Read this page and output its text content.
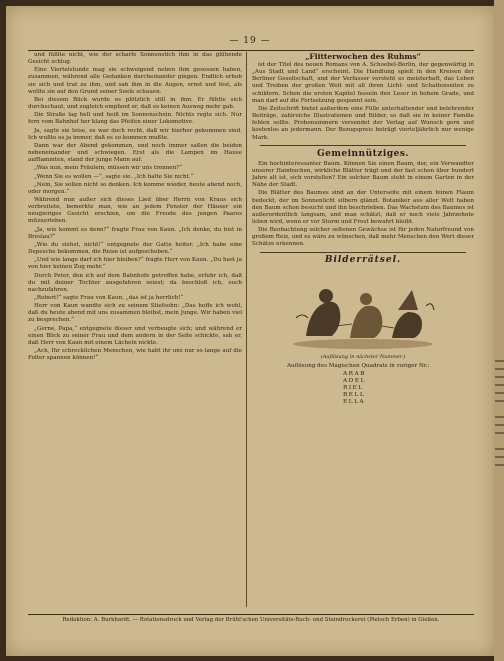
— 19 —

und füßlte nicht, wie der scharfe Sonnenstich ihm in das glühende Gesicht schlug.

Eine Viertelstunde mag sie schweigend neben ihm gesessen haben, zusammen, während alle Gedanken durcheinander gingen. Endlich erhob sie sich und trat zu ihm, und sah ihm in die Augen, ernst und fest, als wollte sie auf den Grund seiner Seele schauen.

Bei diesem Blick wurde es plötzlich still in ihm. Er fühlte sich durchschaut, und zugleich empfand er, daß es keinen Ausweg mehr gab.

Die Straße lag hell und heiß im Sonnenschein. Nichts regte sich. Nur fern vom Bahnhof her klang das Pfeifen einer Lokomotive.

Ja, sagte sie leise, es war doch recht, daß wir hierher gekommen sind. Ich wußte es ja immer, daß es so kommen mußte.

Dann war der Abend gekommen, und noch immer saßen die beiden nebeneinander und schwiegen. Erst als die Lampen im Hause aufflammten, stand der junge Mann auf.

„Was nun, mein Fräulein, müssen wir uns trennen?“

„Wenn Sie es wollen —“, sagte sie. „Ich halte Sie nicht.“

„Nein, Sie sollen nicht so denken. Ich komme wieder, heute abend noch, oder morgen.“

Während nun außer sich dieses Lied über Herrn von Kraus sich verbreitete, bemerkte man, wie an jedem Fenster der Häuser ein neugieriges Gesicht erschien, um die Freude des jungen Paares mitzuerleben.

„Ja, wie kommt es denn?“ fragte Frau von Kaun. „Ich denke, du bist in Breslau?“

„Wie du siehst, nicht!“ entgegnete der Gatte heiter. „Ich habe eine Depesche bekommen, die Reise ist aufgeschoben.“

„Und wie lange darf ich hier bleiben?“ fragte Herr von Kaun. „Du hast ja von hier keinen Zug mehr.“

Durch Peter, den ich auf dem Bahnhofe getroffen habe, erfuhr ich, daß du mit deiner Tochter ausgefahren seiest; da beschloß ich, euch nachzufahren.

„Robert!“ sagte Frau von Kaun, „das ist ja herrlich!“

Herr von Kaun wandte sich zu seinem Stiefsohn: „Das hoffe ich wohl, daß du heute abend mit uns zusammen bleibst, mein Junge. Wir haben viel zu besprechen.“

„Gerne, Papa,“ entgegnete dieser und verbeugte sich; und während er einen Blick zu seiner Frau und dem andern in der Seite schickte, sah er, daß Herr von Kaun mit einem Lächeln nickte.

„Ach, Ihr schrecklichen Menschen, wie habt ihr uns nur so lange auf die Folter spannen können!“

„Flitterwochen des Ruhms“

ist der Titel des neuen Romans von A. Schoebel-Berlin, der gegenwärtig in „Aus Stadt und Land“ erscheint. Die Handlung spielt in den Kreisen der Berliner Gesellschaft, und der Verfasser versteht es meisterhaft, das Leben und Treiben der großen Welt mit all ihren Licht- und Schattenseiten zu schildern. Schon die ersten Kapitel fesseln den Leser in hohem Grade, und man darf auf die Fortsetzung gespannt sein.

Die Zeitschrift bietet außerdem eine Fülle unterhaltender und belehrender Beiträge, zahlreiche Illustrationen und Bilder, so daß sie in keiner Familie fehlen sollte. Probenummern versendet der Verlag auf Wunsch gern und kostenlos an jedermann. Der Bezugspreis beträgt vierteljährlich nur wenige Mark.

Gemeinnütziges.

Ein hochinteressanter Baum. Können Sie einen Baum, der, ein Verwandter unserer Hainbuchen, wirkliche Blätter trägt und der fast schon über hundert Jahre alt ist, sich vorstellen? Ein solcher Baum steht in einem Garten in der Nähe der Stadt.

Die Blätter des Baumes sind an der Unterseite mit einem feinen Flaum bedeckt, der im Sonnenlicht silbern glänzt. Botaniker aus aller Welt haben den Baum schon besucht und ihn beschrieben. Das Wachstum des Baumes ist außerordentlich langsam, und man schätzt, daß er noch viele Jahrzehnte leben wird, wenn er vor Sturm und Frost bewahrt bleibt.

Die Beobachtung solcher seltenen Gewächse ist für jeden Naturfreund von großem Reiz, und es wäre zu wünschen, daß mehr Menschen den Wert dieser Schätze erkennen.

Bilderrätsel.
(Auflösung in nächster Nummer.)
Auflösung des Magischen Quadrats in voriger Nr.:
ARAB
ADEL
RIEL
BELL
ELLA
Redaktion: A. Burkhardt. — Rotationsdruck und Verlag der Brühl'schen Universitäts-Buch- und Steindruckerei (Pietsch Erben) in Gießen.
